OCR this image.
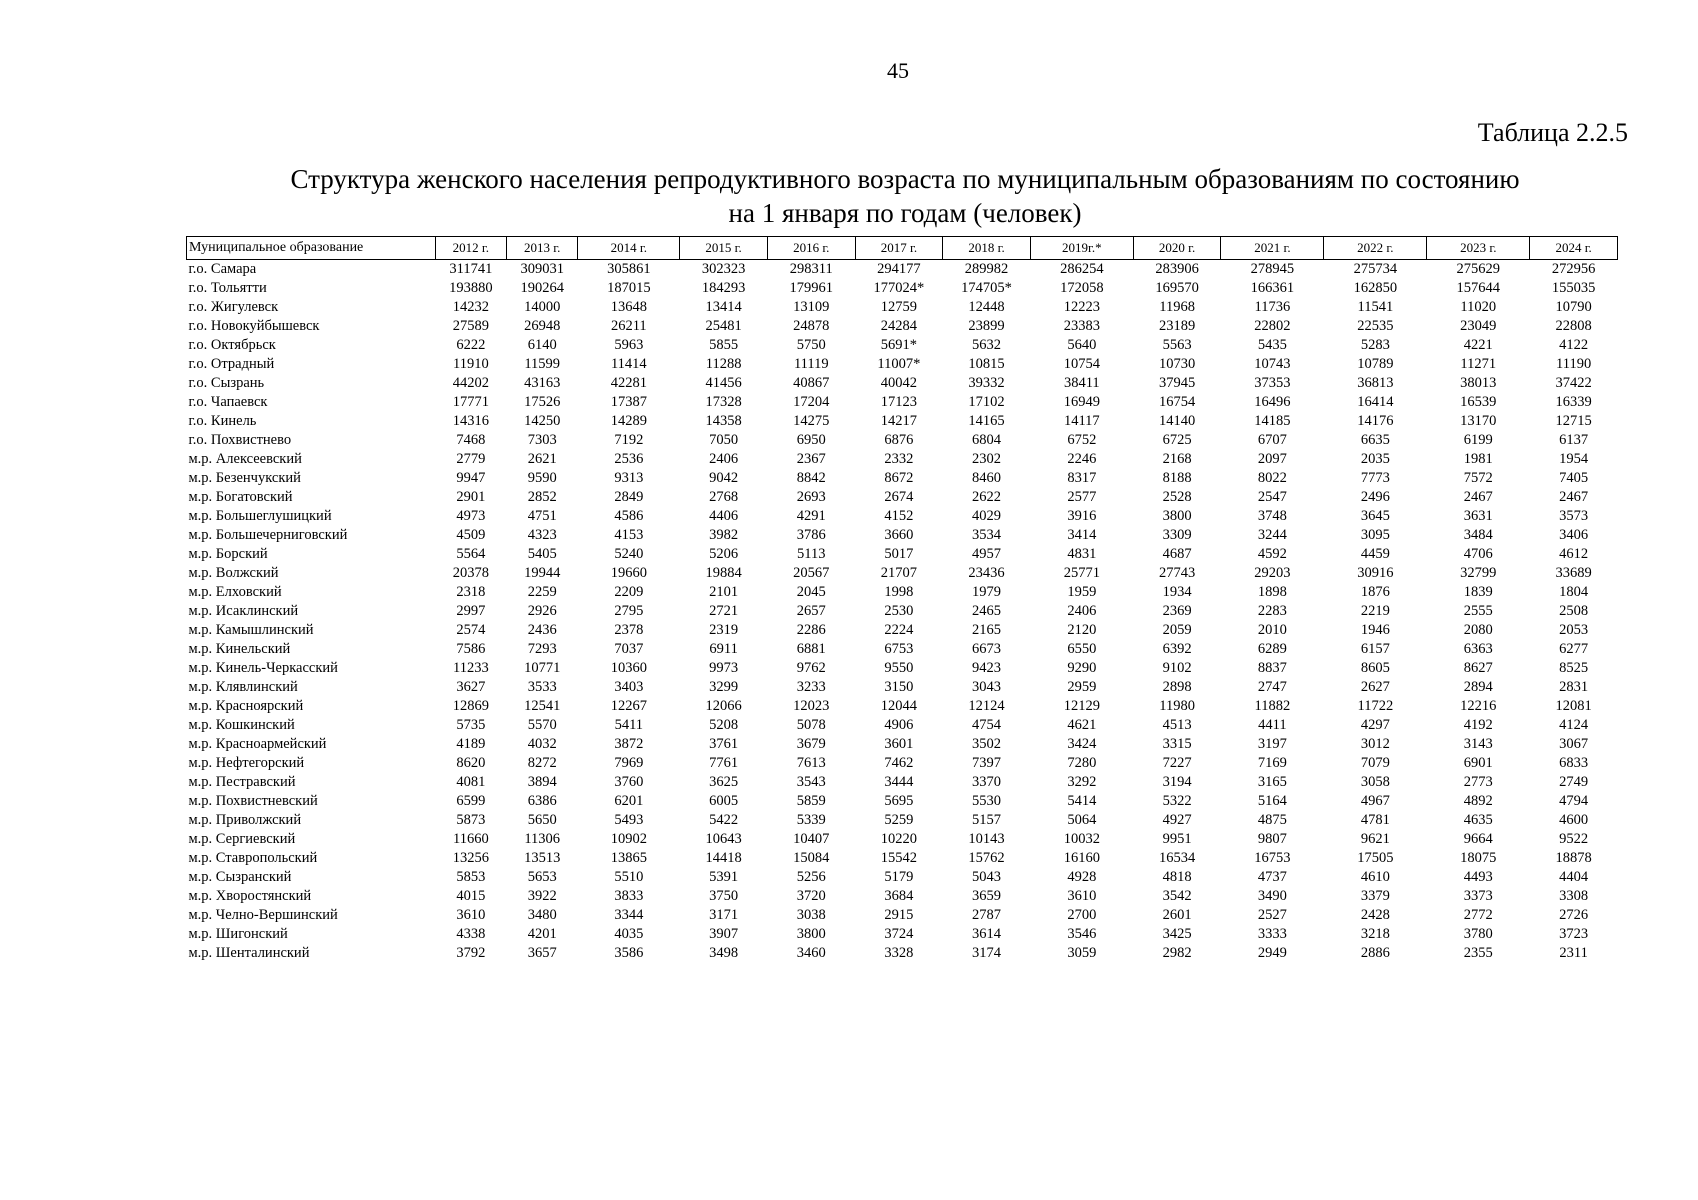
45
Таблица 2.2.5
Структура женского населения репродуктивного возраста по муниципальным образованиям по состоянию
на 1 января по годам (человек)
Муниципальное образование	2012 г.	2013 г.	2014 г.	2015 г.	2016 г.	2017 г.	2018 г.	2019г.*	2020 г.	2021 г.	2022 г.	2023 г.	2024 г.
г.о. Самара	311741	309031	305861	302323	298311	294177	289982	286254	283906	278945	275734	275629	272956
г.о. Тольятти	193880	190264	187015	184293	179961	177024*	174705*	172058	169570	166361	162850	157644	155035
г.о. Жигулевск	14232	14000	13648	13414	13109	12759	12448	12223	11968	11736	11541	11020	10790
г.о. Новокуйбышевск	27589	26948	26211	25481	24878	24284	23899	23383	23189	22802	22535	23049	22808
г.о. Октябрьск	6222	6140	5963	5855	5750	5691*	5632	5640	5563	5435	5283	4221	4122
г.о. Отрадный	11910	11599	11414	11288	11119	11007*	10815	10754	10730	10743	10789	11271	11190
г.о. Сызрань	44202	43163	42281	41456	40867	40042	39332	38411	37945	37353	36813	38013	37422
г.о. Чапаевск	17771	17526	17387	17328	17204	17123	17102	16949	16754	16496	16414	16539	16339
г.о. Кинель	14316	14250	14289	14358	14275	14217	14165	14117	14140	14185	14176	13170	12715
г.о. Похвистнево	7468	7303	7192	7050	6950	6876	6804	6752	6725	6707	6635	6199	6137
м.р. Алексеевский	2779	2621	2536	2406	2367	2332	2302	2246	2168	2097	2035	1981	1954
м.р. Безенчукский	9947	9590	9313	9042	8842	8672	8460	8317	8188	8022	7773	7572	7405
м.р. Богатовский	2901	2852	2849	2768	2693	2674	2622	2577	2528	2547	2496	2467	2467
м.р. Большеглушицкий	4973	4751	4586	4406	4291	4152	4029	3916	3800	3748	3645	3631	3573
м.р. Большечерниговский	4509	4323	4153	3982	3786	3660	3534	3414	3309	3244	3095	3484	3406
м.р. Борский	5564	5405	5240	5206	5113	5017	4957	4831	4687	4592	4459	4706	4612
м.р. Волжский	20378	19944	19660	19884	20567	21707	23436	25771	27743	29203	30916	32799	33689
м.р. Елховский	2318	2259	2209	2101	2045	1998	1979	1959	1934	1898	1876	1839	1804
м.р. Исаклинский	2997	2926	2795	2721	2657	2530	2465	2406	2369	2283	2219	2555	2508
м.р. Камышлинский	2574	2436	2378	2319	2286	2224	2165	2120	2059	2010	1946	2080	2053
м.р. Кинельский	7586	7293	7037	6911	6881	6753	6673	6550	6392	6289	6157	6363	6277
м.р. Кинель-Черкасский	11233	10771	10360	9973	9762	9550	9423	9290	9102	8837	8605	8627	8525
м.р. Клявлинский	3627	3533	3403	3299	3233	3150	3043	2959	2898	2747	2627	2894	2831
м.р. Красноярский	12869	12541	12267	12066	12023	12044	12124	12129	11980	11882	11722	12216	12081
м.р. Кошкинский	5735	5570	5411	5208	5078	4906	4754	4621	4513	4411	4297	4192	4124
м.р. Красноармейский	4189	4032	3872	3761	3679	3601	3502	3424	3315	3197	3012	3143	3067
м.р. Нефтегорский	8620	8272	7969	7761	7613	7462	7397	7280	7227	7169	7079	6901	6833
м.р. Пестравский	4081	3894	3760	3625	3543	3444	3370	3292	3194	3165	3058	2773	2749
м.р. Похвистневский	6599	6386	6201	6005	5859	5695	5530	5414	5322	5164	4967	4892	4794
м.р. Приволжский	5873	5650	5493	5422	5339	5259	5157	5064	4927	4875	4781	4635	4600
м.р. Сергиевский	11660	11306	10902	10643	10407	10220	10143	10032	9951	9807	9621	9664	9522
м.р. Ставропольский	13256	13513	13865	14418	15084	15542	15762	16160	16534	16753	17505	18075	18878
м.р. Сызранский	5853	5653	5510	5391	5256	5179	5043	4928	4818	4737	4610	4493	4404
м.р. Хворостянский	4015	3922	3833	3750	3720	3684	3659	3610	3542	3490	3379	3373	3308
м.р. Челно-Вершинский	3610	3480	3344	3171	3038	2915	2787	2700	2601	2527	2428	2772	2726
м.р. Шигонский	4338	4201	4035	3907	3800	3724	3614	3546	3425	3333	3218	3780	3723
м.р. Шенталинский	3792	3657	3586	3498	3460	3328	3174	3059	2982	2949	2886	2355	2311
